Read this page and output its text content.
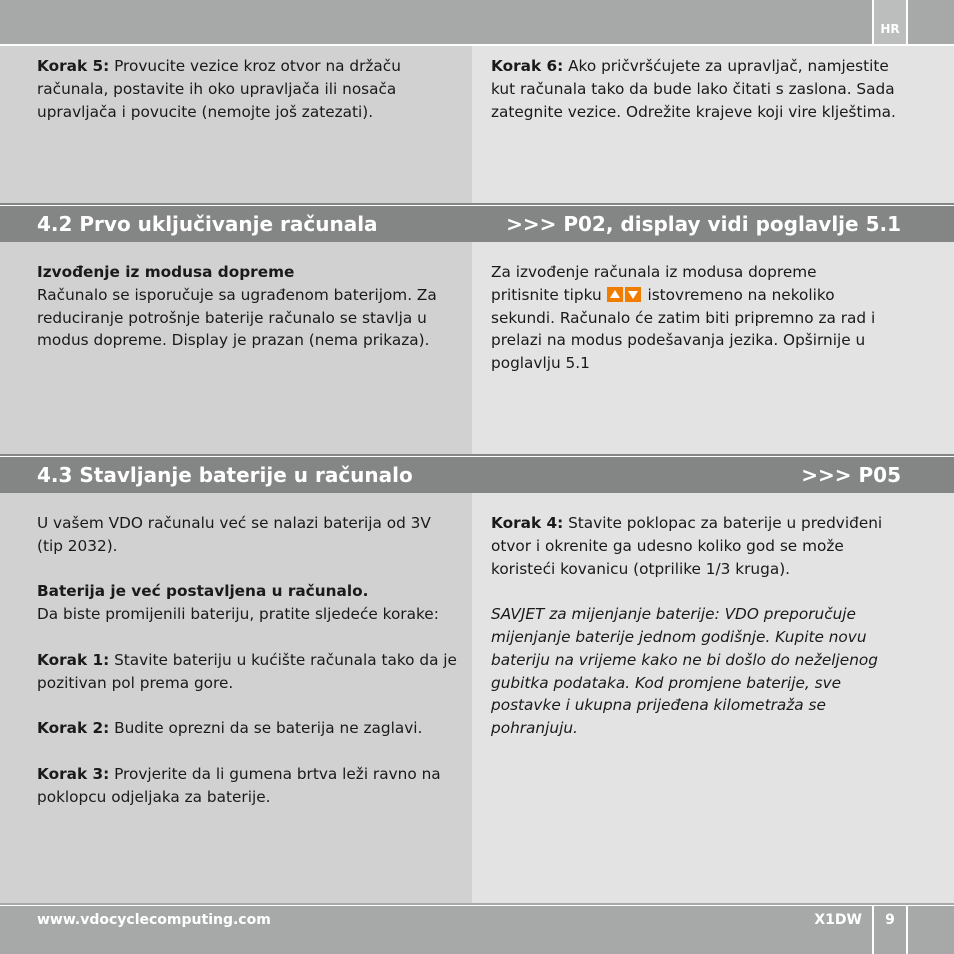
HR

Korak 5: Provucite vezice kroz otvor na držaču računala, postavite ih oko upravljača ili nosača upravljača i povucite (nemojte još zatezati).

Korak 6: Ako pričvršćujete za upravljač, namjestite kut računala tako da bude lako čitati s zaslona. Sada zategnite vezice. Odrežite krajeve koji vire klještima.

4.2 Prvo uključivanje računala	>>> P02, display vidi poglavlje 5.1

Izvođenje iz modusa dopreme

Računalo se isporučuje sa ugrađenom baterijom. Za reduciranje potrošnje baterije računalo se stavlja u modus dopreme. Display je prazan (nema prikaza).

Za izvođenje računala iz modusa dopreme pritisnite tipku  istovremeno na nekoliko sekundi. Računalo će zatim biti pripremno za rad i prelazi na modus podešavanja jezika. Opširnije u poglavlju 5.1

4.3 Stavljanje baterije u računalo	>>> P05

U vašem VDO računalu već se nalazi baterija od 3V (tip 2032).

Baterija je već postavljena u računalo.

Da biste promijenili bateriju, pratite sljedeće korake:

Korak 1: Stavite bateriju u kućište računala tako da je pozitivan pol prema gore.

Korak 2: Budite oprezni da se baterija ne zaglavi.

Korak 3: Provjerite da li gumena brtva leži ravno na poklopcu odjeljaka za baterije.

Korak 4: Stavite poklopac za baterije u predviđeni otvor i okrenite ga udesno koliko god se može koristeći kovanicu (otprilike 1/3 kruga).

SAVJET za mijenjanje baterije: VDO preporučuje mijenjanje baterije jednom godišnje. Kupite novu bateriju na vrijeme kako ne bi došlo do neželjenog gubitka podataka. Kod promjene baterije, sve postavke i ukupna prijeđena kilometraža se pohranjuju.

www.vdocyclecomputing.com	X1DW	9
